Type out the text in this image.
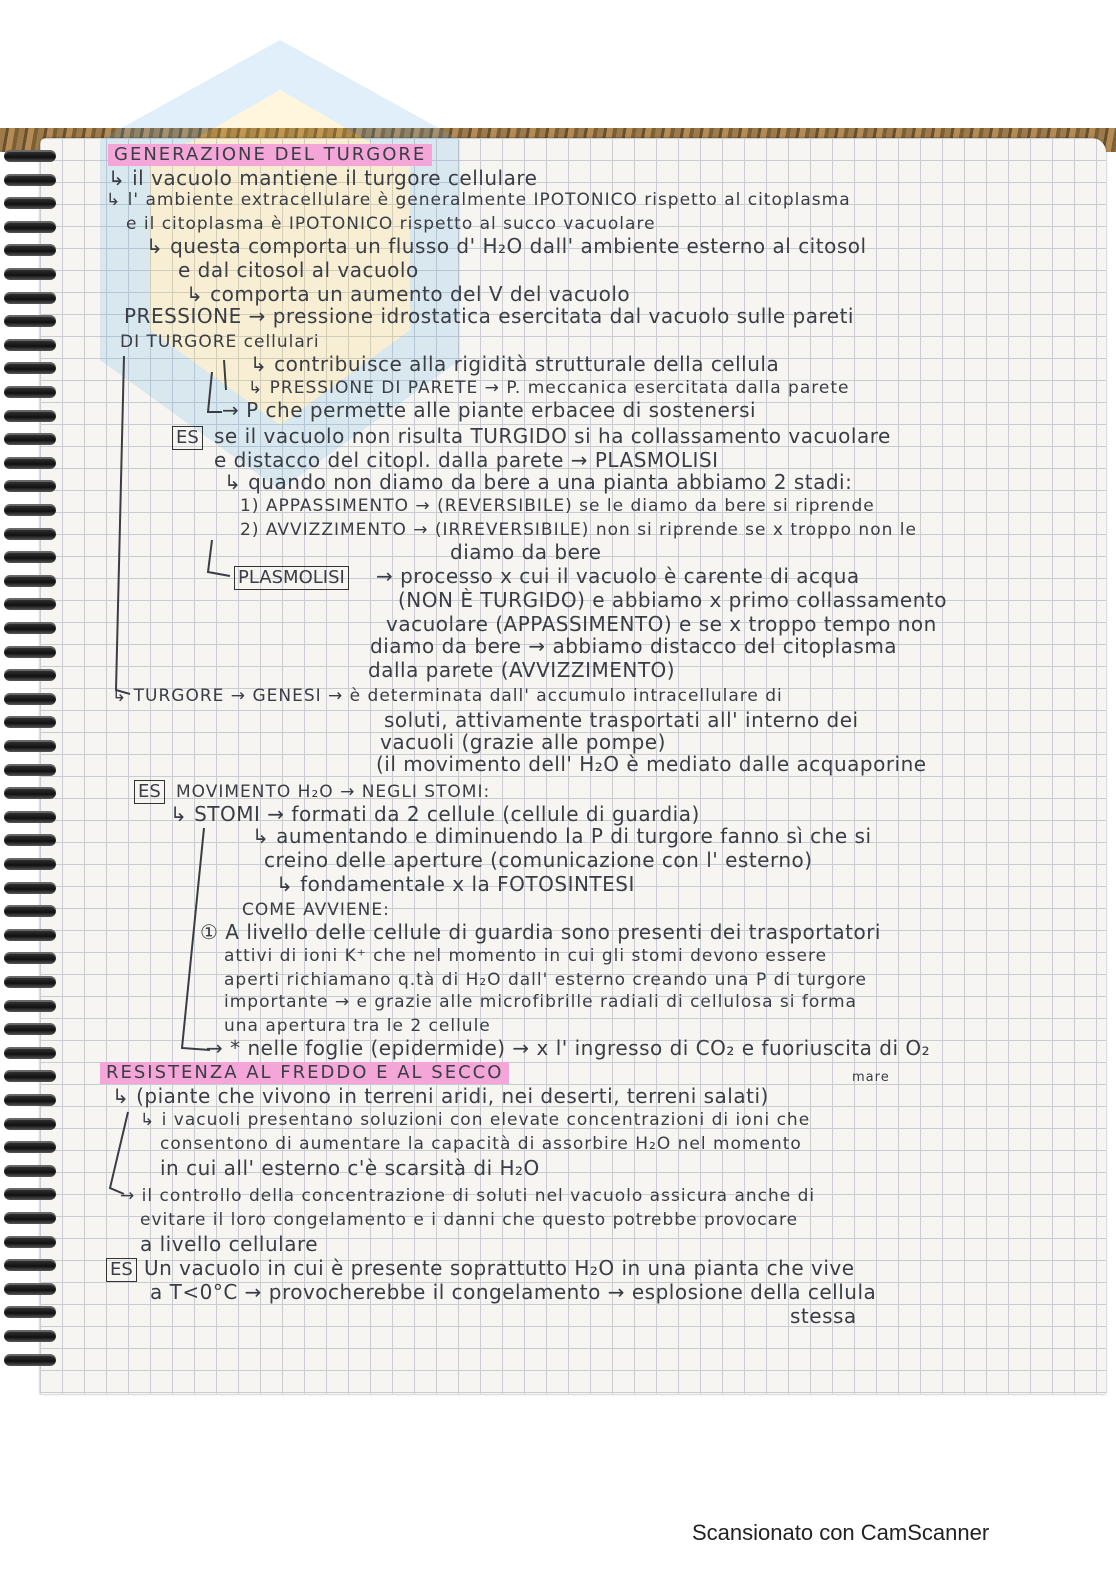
GENERAZIONE DEL TURGORE
RESISTENZA AL FREDDO E AL SECCO
ES
PLASMOLISI
ES
ES
↳ il vacuolo mantiene il turgore cellulare
↳ l' ambiente extracellulare è generalmente IPOTONICO rispetto al citoplasma
e il citoplasma è IPOTONICO rispetto al succo vacuolare
↳ questa comporta un flusso d' H₂O dall' ambiente esterno al citosol
e dal citosol al vacuolo
↳ comporta un aumento del V del vacuolo
PRESSIONE → pressione idrostatica esercitata dal vacuolo sulle pareti
DI TURGORE cellulari
↳ contribuisce alla rigidità strutturale della cellula
↳ PRESSIONE DI PARETE → P. meccanica esercitata dalla parete
→ P che permette alle piante erbacee di sostenersi
se il vacuolo non risulta TURGIDO si ha collassamento vacuolare
e distacco del citopl. dalla parete → PLASMOLISI
↳ quando non diamo da bere a una pianta abbiamo 2 stadi:
1) APPASSIMENTO → (REVERSIBILE) se le diamo da bere si riprende
2) AVVIZZIMENTO → (IRREVERSIBILE) non si riprende se x troppo non le
diamo da bere
→ processo x cui il vacuolo è carente di acqua
(NON È TURGIDO) e abbiamo x primo collassamento
vacuolare (APPASSIMENTO) e se x troppo tempo non
diamo da bere → abbiamo distacco del citoplasma
dalla parete (AVVIZZIMENTO)
↳ TURGORE → GENESI → è determinata dall' accumulo intracellulare di
soluti, attivamente trasportati all' interno dei
vacuoli (grazie alle pompe)
(il movimento dell' H₂O è mediato dalle acquaporine
MOVIMENTO H₂O → NEGLI STOMI:
↳ STOMI → formati da 2 cellule (cellule di guardia)
↳ aumentando e diminuendo la P di turgore fanno sì che si
creino delle aperture (comunicazione con l' esterno)
↳ fondamentale x la FOTOSINTESI
COME AVVIENE:
① A livello delle cellule di guardia sono presenti dei trasportatori
attivi di ioni K⁺ che nel momento in cui gli stomi devono essere
aperti richiamano q.tà di H₂O dall' esterno creando una P di turgore
importante → e grazie alle microfibrille radiali di cellulosa si forma
una apertura tra le 2 cellule
→ * nelle foglie (epidermide) → x l' ingresso di CO₂ e fuoriuscita di O₂
↳ (piante che vivono in terreni aridi, nei deserti, terreni salati)
mare
↳ i vacuoli presentano soluzioni con elevate concentrazioni di ioni che
consentono di aumentare la capacità di assorbire H₂O nel momento
in cui all' esterno c'è scarsità di H₂O
→ il controllo della concentrazione di soluti nel vacuolo assicura anche di
evitare il loro congelamento e i danni che questo potrebbe provocare
a livello cellulare
Un vacuolo in cui è presente soprattutto H₂O in una pianta che vive
a T<0°C → provocherebbe il congelamento → esplosione della cellula
stessa
Scansionato con CamScanner
